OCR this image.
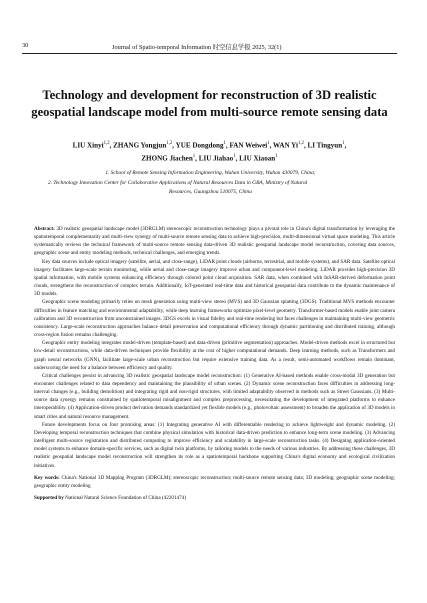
30	Journal of Spatio-temporal Information 时空信息学报 2025, 32(1)
Technology and development for reconstruction of 3D realistic geospatial landscape model from multi-source remote sensing data
LIU Xinyi$^{1,2}$, ZHANG Yongjun$^{1,2}$, YUE Dongdong$^1$, FAN Weiwei$^1$, WAN Yi$^{1,2}$, LI Tingyun$^1$,
ZHONG Jiachen$^1$, LIU Jiahao$^1$, LIU Xiaoan$^1$
1. School of Remote Sensing Information Engineering, Wuhan University, Wuhan 430079, China;
2. Technology Innovation Center for Collaborative Applications of Natural Resources Data in GBA, Ministry of Natural
Resources, Guangzhou 510075, China

Abstract: 3D realistic geospatial landscape model (3DRGLM) stereoscopic reconstruction technology plays a pivotal role in China's digital transformation by leveraging the spatiotemporal complementarity and multi-view synergy of multi-source remote sensing data to achieve high-precision, multi-dimensional virtual space modeling. This article systematically reviews the technical framework of multi-source remote sensing data-driven 3D realistic geospatial landscape model reconstruction, covering data sources, geographic scene and entity modeling methods, technical challenges, and emerging trends.

Key data sources include optical imagery (satellite, aerial, and close-range), LiDAR point clouds (airborne, terrestrial, and mobile systems), and SAR data. Satellite optical imagery facilitates large-scale terrain monitoring, while aerial and close-range imagery improve urban and component-level modeling. LiDAR provides high-precision 3D spatial information, with mobile systems enhancing efficiency through colored point cloud acquisition. SAR data, when combined with InSAR-derived deformation point clouds, strengthens the reconstruction of complex terrain. Additionally, IoT-generated real-time data and historical geospatial data contribute to the dynamic maintenance of 3D models.

Geographic scene modeling primarily relies on mesh generation using multi-view stereo (MVS) and 3D Gaussian splatting (3DGS). Traditional MVS methods encounter difficulties in feature matching and environmental adaptability, while deep learning frameworks optimize pixel-level geometry. Transformer-based models enable joint camera calibration and 3D reconstruction from unconstrained images. 3DGS excels in visual fidelity and real-time rendering but faces challenges in maintaining multi-view geometric consistency. Large-scale reconstruction approaches balance detail preservation and computational efficiency through dynamic partitioning and distributed training, although cross-region fusion remains challenging.

Geographic entity modeling integrates model-driven (template-based) and data-driven (primitive segmentation) approaches. Model-driven methods excel in structured but low-detail reconstructions, while data-driven techniques provide flexibility at the cost of higher computational demands. Deep learning methods, such as Transformers and graph neural networks (GNN), facilitate large-scale urban reconstruction but require extensive training data. As a result, semi-automated workflows remain dominant, underscoring the need for a balance between efficiency and quality.

Critical challenges persist in advancing 3D realistic geospatial landscape model reconstruction: (1) Generative AI-based methods enable cross-modal 3D generation but encounter challenges related to data dependency and maintaining the plausibility of urban scenes. (2) Dynamic scene reconstruction faces difficulties in addressing long-interval changes (e.g., building demolition) and integrating rigid and non-rigid structures, with limited adaptability observed in methods such as Street Gaussians. (3) Multi-source data synergy remains constrained by spatiotemporal misalignment and complex preprocessing, necessitating the development of integrated platforms to enhance interoperability. (4) Application-driven product derivation demands standardized yet flexible models (e.g., photovoltaic assessment) to broaden the application of 3D models in smart cities and natural resource management.

Future developments focus on four promising areas: (1) Integrating generative AI with differentiable rendering to achieve lightweight and dynamic modeling. (2) Developing temporal reconstruction techniques that combine physical simulation with historical data-driven prediction to enhance long-term scene modeling. (3) Advancing intelligent multi-source registration and distributed computing to improve efficiency and scalability in large-scale reconstruction tasks. (4) Designing application-oriented model systems to enhance domain-specific services, such as digital twin platforms, by tailoring models to the needs of various industries. By addressing these challenges, 3D realistic geospatial landscape model reconstruction will strengthen its role as a spatiotemporal backbone supporting China's digital economy and ecological civilization initiatives.

Key words: China's National 3D Mapping Program (3DRGLM); stereoscopic reconstruction; multi-source remote sensing data; 3D modeling; geographic scene modeling; geographic entity modeling

Supported by National Natural Science Foundation of China (42201474)
